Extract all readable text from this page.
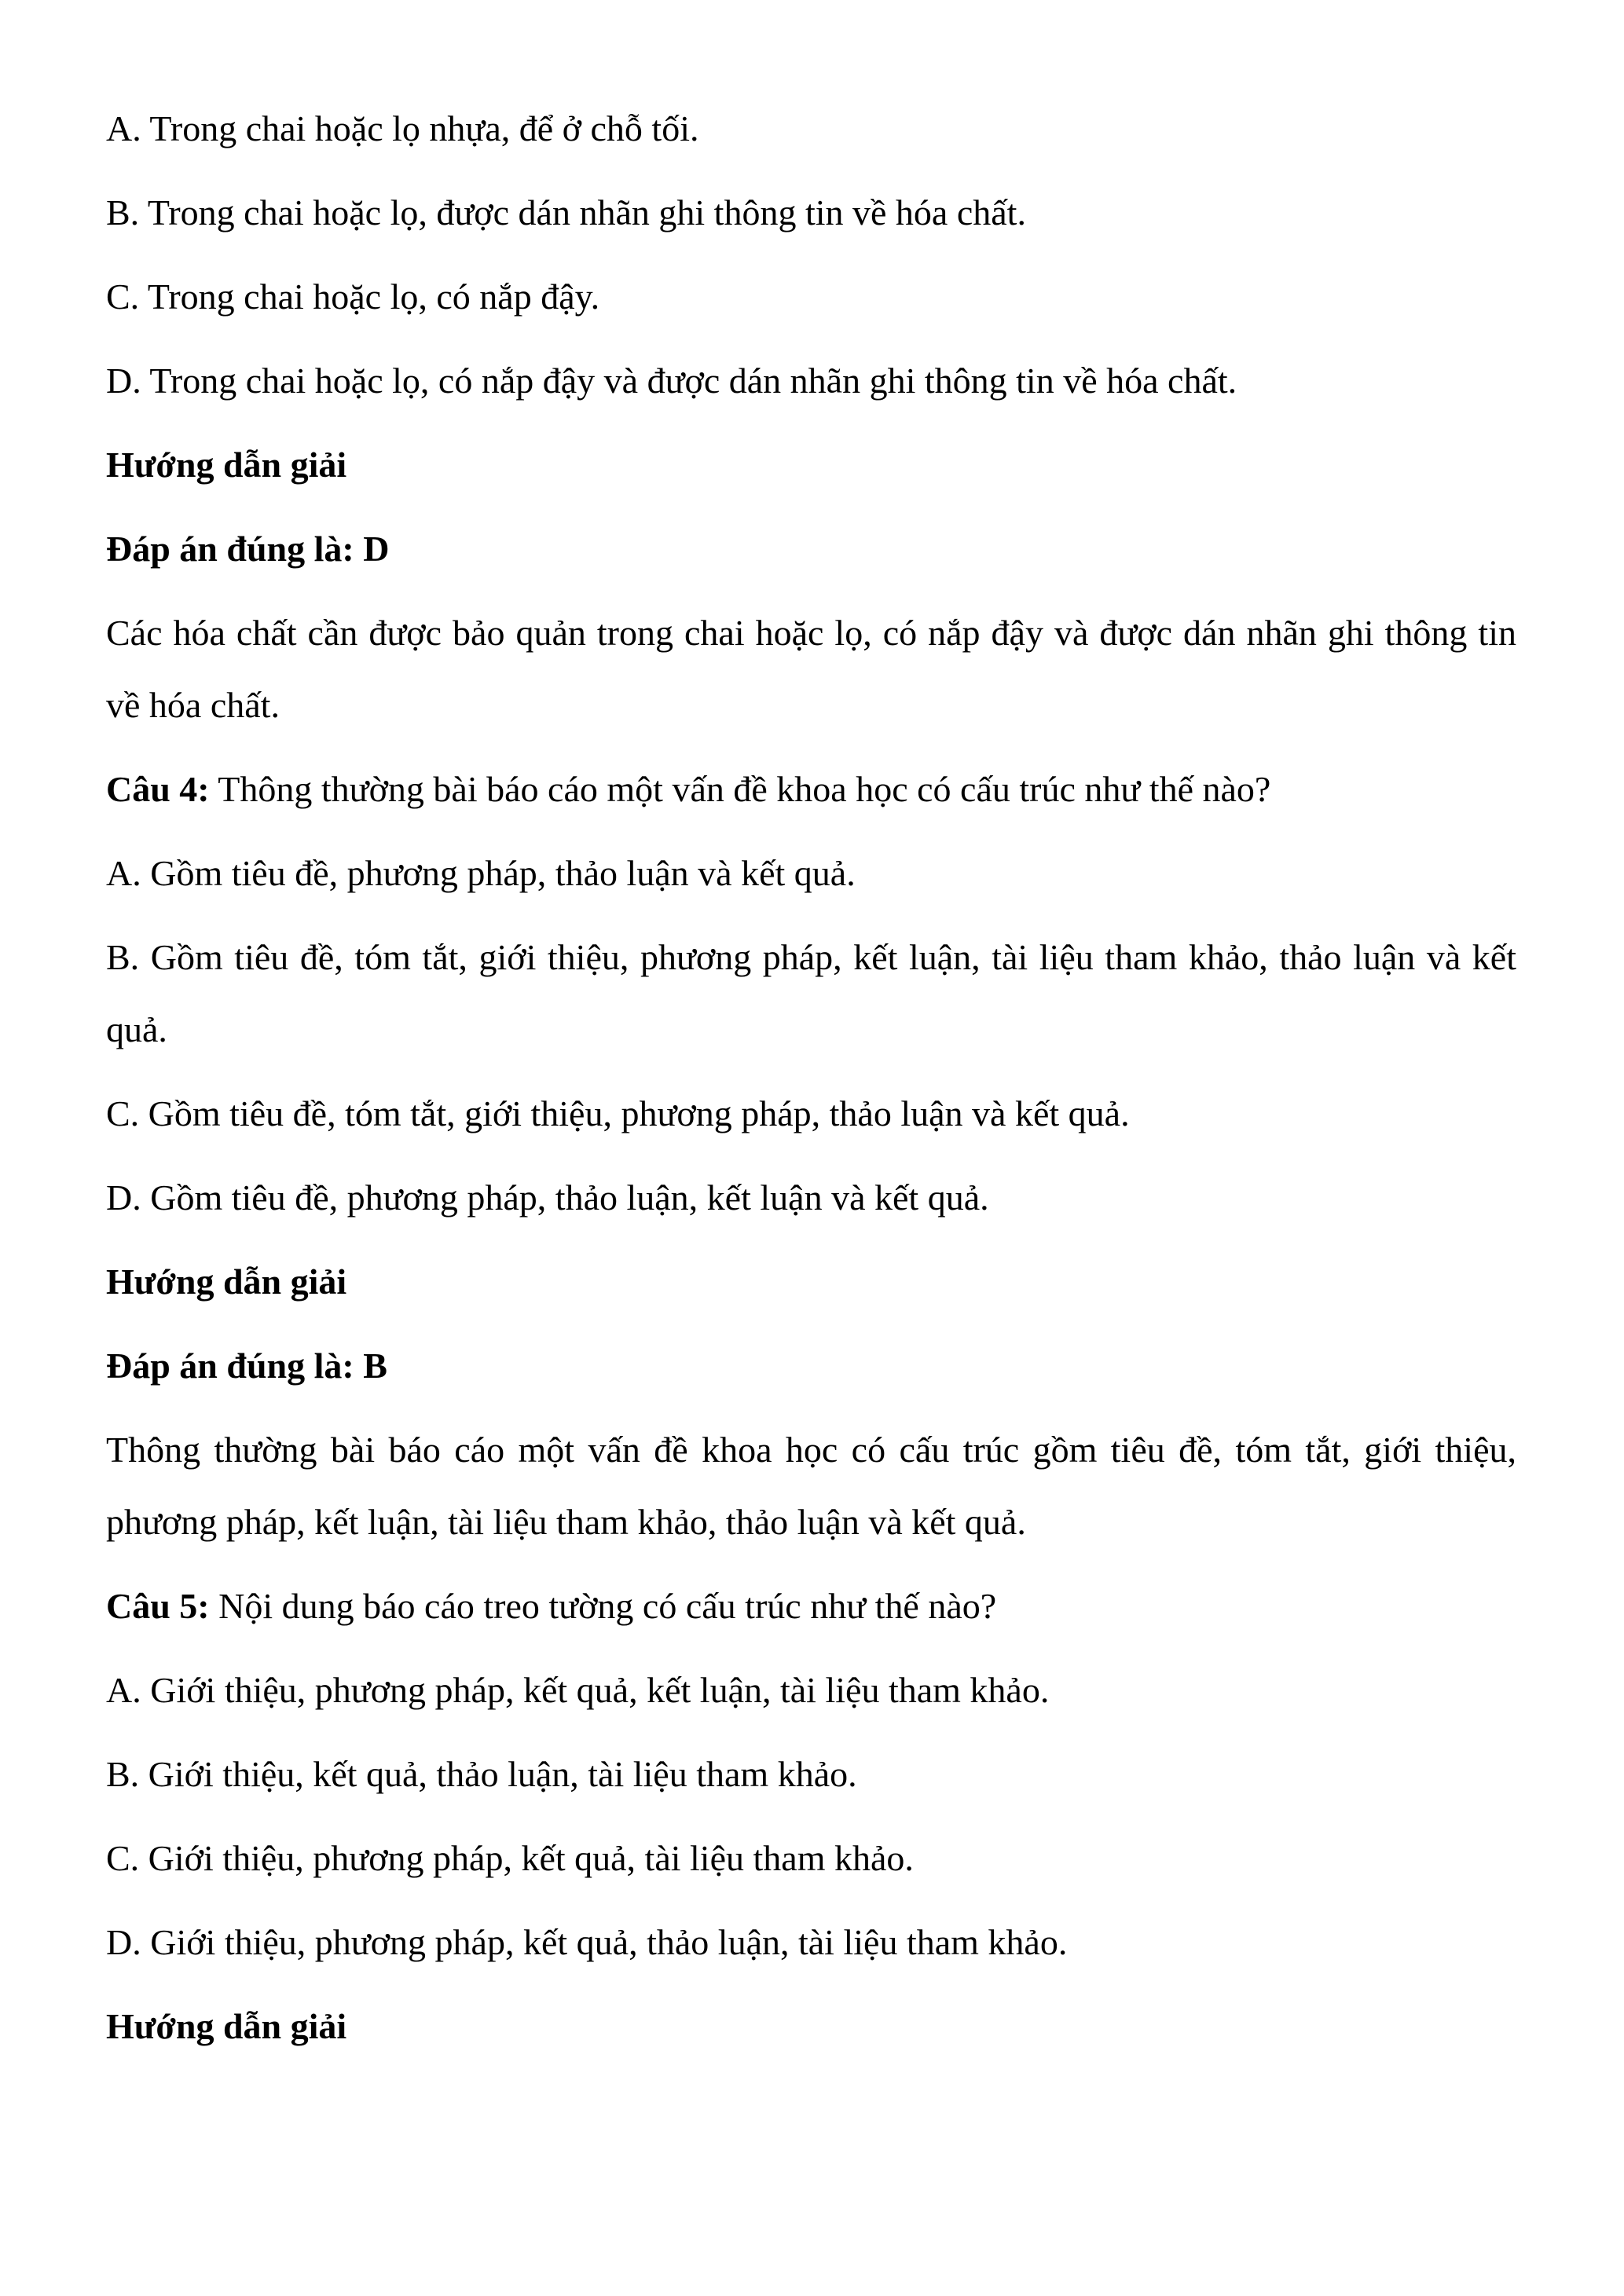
A. Trong chai hoặc lọ nhựa, để ở chỗ tối.

B. Trong chai hoặc lọ, được dán nhãn ghi thông tin về hóa chất.

C. Trong chai hoặc lọ, có nắp đậy.

D. Trong chai hoặc lọ, có nắp đậy và được dán nhãn ghi thông tin về hóa chất.

Hướng dẫn giải

Đáp án đúng là: D

Các hóa chất cần được bảo quản trong chai hoặc lọ, có nắp đậy và được dán nhãn ghi thông tin về hóa chất.

Câu 4: Thông thường bài báo cáo một vấn đề khoa học có cấu trúc như thế nào?

A. Gồm tiêu đề, phương pháp, thảo luận và kết quả.

B. Gồm tiêu đề, tóm tắt, giới thiệu, phương pháp, kết luận, tài liệu tham khảo, thảo luận và kết quả.

C. Gồm tiêu đề, tóm tắt, giới thiệu, phương pháp, thảo luận và kết quả.

D. Gồm tiêu đề, phương pháp, thảo luận, kết luận và kết quả.

Hướng dẫn giải

Đáp án đúng là: B

Thông thường bài báo cáo một vấn đề khoa học có cấu trúc gồm tiêu đề, tóm tắt, giới thiệu, phương pháp, kết luận, tài liệu tham khảo, thảo luận và kết quả.

Câu 5: Nội dung báo cáo treo tường có cấu trúc như thế nào?

A. Giới thiệu, phương pháp, kết quả, kết luận, tài liệu tham khảo.

B. Giới thiệu, kết quả, thảo luận, tài liệu tham khảo.

C. Giới thiệu, phương pháp, kết quả, tài liệu tham khảo.

D. Giới thiệu, phương pháp, kết quả, thảo luận, tài liệu tham khảo.

Hướng dẫn giải
